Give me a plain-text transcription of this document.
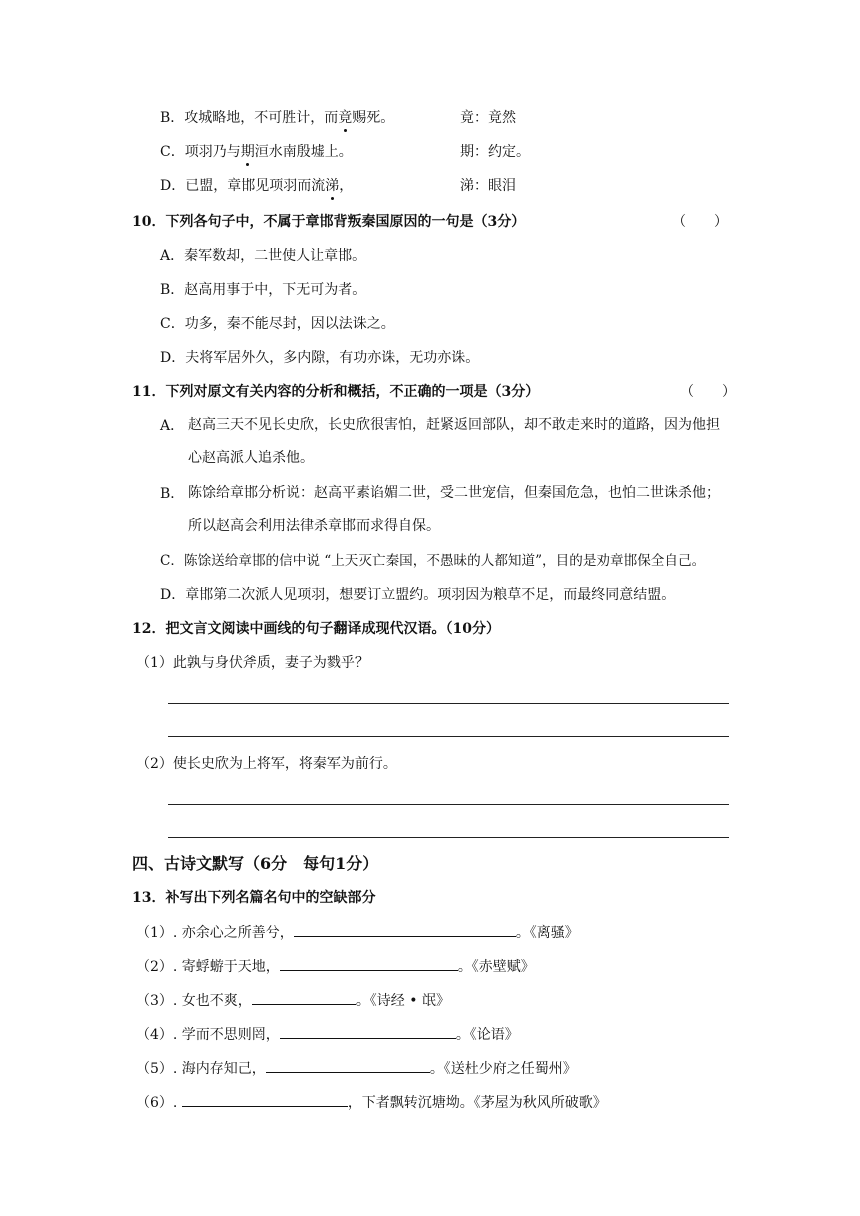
B．攻城略地，不可胜计，而竟赐死。	竟：竟然
C．项羽乃与期洹水南殷墟上。	期：约定。
D．已盟，章邯见项羽而流涕，	涕：眼泪
10．下列各句子中，不属于章邯背叛秦国原因的一句是（3分）	（　　）
A．秦军数却，二世使人让章邯。
B．赵高用事于中，下无可为者。
C．功多，秦不能尽封，因以法诛之。
D．夫将军居外久，多内隙，有功亦诛，无功亦诛。
11．下列对原文有关内容的分析和概括，不正确的一项是（3分）	（　　）
A． 赵高三天不见长史欣，长史欣很害怕，赶紧返回部队，却不敢走来时的道路，因为他担心赵高派人追杀他。
B． 陈馀给章邯分析说：赵高平素谄媚二世，受二世宠信，但秦国危急，也怕二世诛杀他；所以赵高会利用法律杀章邯而求得自保。
C．陈馀送给章邯的信中说 “上天灭亡秦国，不愚昧的人都知道”，目的是劝章邯保全自己。
D．章邯第二次派人见项羽，想要订立盟约。项羽因为粮草不足，而最终同意结盟。
12．把文言文阅读中画线的句子翻译成现代汉语。（10分）
（1）此孰与身伏斧质，妻子为戮乎？
（2）使长史欣为上将军，将秦军为前行。
四、古诗文默写（6分　每句1分）
13．补写出下列名篇名句中的空缺部分
（1）. 亦余心之所善兮，	。《离骚》
（2）. 寄蜉蝣于天地，	。《赤壁赋》
（3）. 女也不爽，	。《诗经 • 氓》
（4）. 学而不思则罔，	。《论语》
（5）. 海内存知己，	。《送杜少府之任蜀州》
（6）.	，下者飘转沉塘坳。《茅屋为秋风所破歌》
